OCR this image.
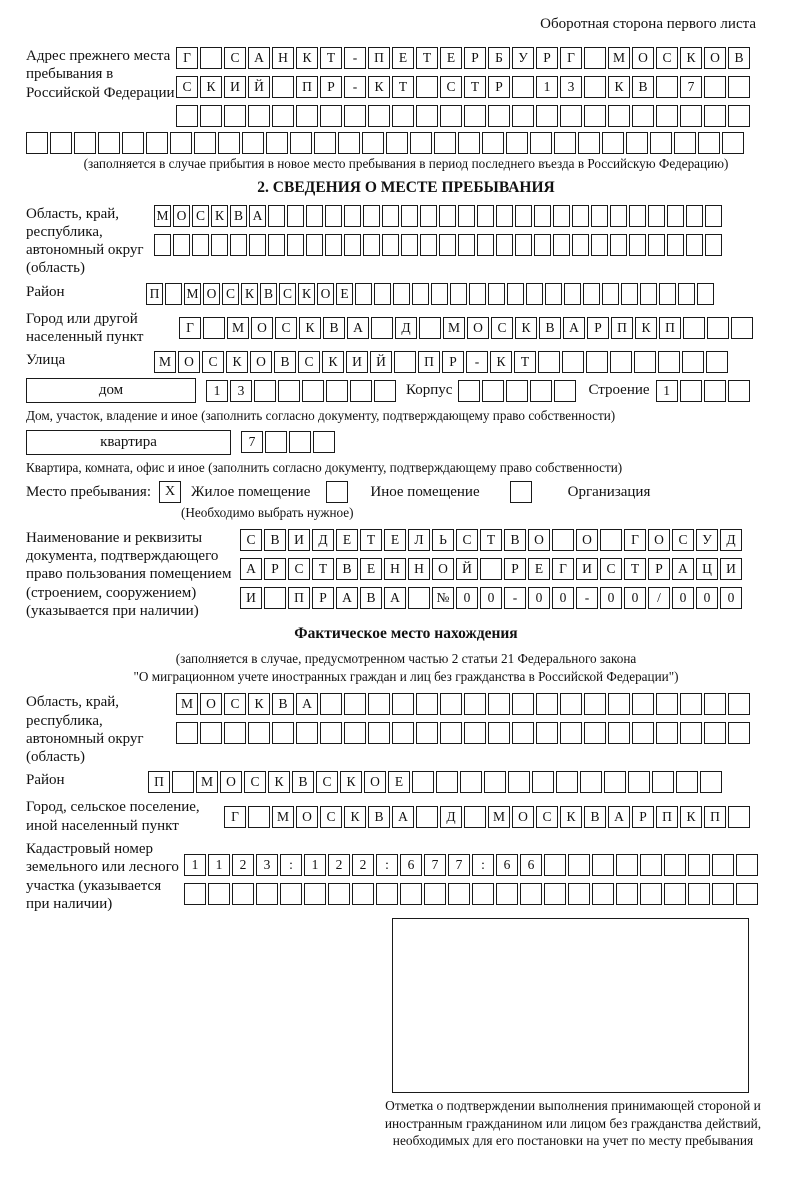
Оборотная сторона первого листа
Адрес прежнего места пребывания в Российской Федерации
Г	С	А	Н	К	Т	-	П	Е	Т	Е	Р	Б	У	Р	Г	М О	С	К	О	В
С	К	И	Й	П	Р	-	К	Т	С	Т	Р	1	3	К	В	7
(заполняется в случае прибытия в новое место пребывания в период последнего въезда в Российскую Федерацию)
2. СВЕДЕНИЯ О МЕСТЕ ПРЕБЫВАНИЯ
Область, край, республика, автономный округ (область)
М О С К В А
Район	П М О С К В С К О Е
Город или другой населенный пункт
Г	М О	С	К	В	А	Д	М О	С	К	В	А	Р	П	К	П
Улица	М О	С	К	О	В	С	К	И	Й	П	Р	-	К	Т
дом	1	3	Корпус	Строение	1
Дом, участок, владение и иное (заполнить согласно документу, подтверждающему право собственности)
квартира	7
Квартира, комната, офис и иное (заполнить согласно документу, подтверждающему право собственности)
Место пребывания: X	Жилое помещение	Иное помещение	Организация
(Необходимо выбрать нужное)
Наименование и реквизиты документа, подтверждающего право пользования помещением (строением, сооружением) (указывается при наличии)
С	В	И	Д	Е	Т	Е	Л	Ь	С	Т	В	О	О	Г	О	С	У	Д
А	Р	С	Т	В	Е	Н	Н	О	Й	Р	Е	Г	И	С	Т	Р	А	Ц	И
И	П	Р	А	В	А	№	0	0	-	0	0	-	0	0	/	0	0	0
Фактическое место нахождения
(заполняется в случае, предусмотренном частью 2 статьи 21 Федерального закона
"О миграционном учете иностранных граждан и лиц без гражданства в Российской Федерации")
Область, край, республика, автономный округ (область)
М О	С	К	В	А
Район	П	М О	С	К	В	С	К	О	Е
Город, сельское поселение, иной населенный пункт
Г	М О	С	К	В	А	Д	М О	С	К	В	А	Р	П	К	П
Кадастровый номер земельного или лесного участка (указывается при наличии)
1	1	2	3	:	1	2	2	:	6	7	7	:	6	6
Отметка о подтверждении выполнения принимающей стороной и иностранным гражданином или лицом без гражданства действий, необходимых для его постановки на учет по месту пребывания
